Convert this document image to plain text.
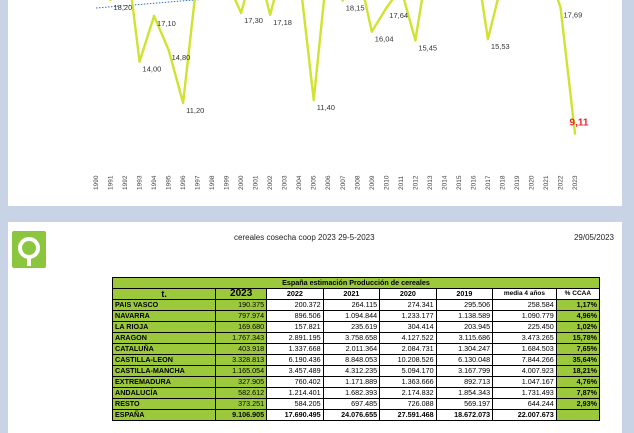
18,20
14,00
17,10
14,80
11,20
17,30 17,18
11,40
18,15
16,04
17,64
15,45	15,53
17,69
9,11
1990 1991 1992 1993 1994 1995 1996 1997 1998 1999 2000 2001 2002 2003 2004 2005 2006 2007 2008 2009 2010 2011 2012 2013 2014 2015 2016 2017 2018 2019 2020 2021 2022 2023
cereales cosecha coop 2023 29-5-2023	29/05/2023
España estimación Producción de cereales							
t.	2023	2022	2021	2020	2019	media 4 años	% CCAA
PAIS VASCO	190.375	200.372	264.115	274.341	295.506	258.584	1,17%
NAVARRA	797.974	896.506	1.094.844	1.233.177	1.138.589	1.090.779	4,96%
LA RIOJA	169.680	157.821	235.619	304.414	203.945	225.450	1,02%
ARAGON	1.767.343	2.891.195	3.758.658	4.127.522	3.115.686	3.473.265	15,78%
CATALUÑA	403.918	1.337.668	2.011.364	2.084.731	1.304.247	1.684.503	7,65%
CASTILLA-LEON	3.328.813	6.190.436	8.848.053	10.208.526	6.130.048	7.844.266	35,64%
CASTILLA-MANCHA	1.165.054	3.457.489	4.312.235	5.094.170	3.167.799	4.007.923	18,21%
EXTREMADURA	327.905	760.402	1.171.889	1.363.666	892.713	1.047.167	4,76%
ANDALUCÍA	582.612	1.214.401	1.682.393	2.174.832	1.854.343	1.731.493	7,87%
RESTO	373.251	584.205	697.485	726.088	569.197	644.244	2,93%
ESPAÑA	9.106.905	17.690.495	24.076.655	27.591.468	18.672.073	22.007.673	
